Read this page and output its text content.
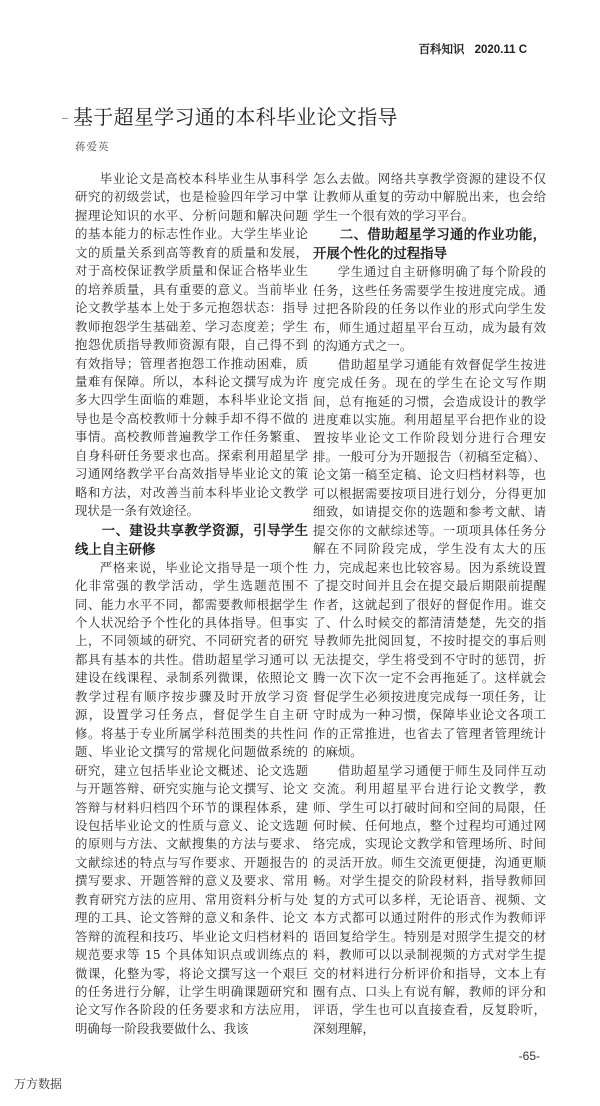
百科知识 2020.11 C
基于超星学习通的本科毕业论文指导
蒋爱英

毕业论文是高校本科毕业生从事科学研究的初级尝试，也是检验四年学习中掌握理论知识的水平、分析问题和解决问题的基本能力的标志性作业。大学生毕业论文的质量关系到高等教育的质量和发展，对于高校保证教学质量和保证合格毕业生的培养质量，具有重要的意义。当前毕业论文教学基本上处于多元抱怨状态：指导教师抱怨学生基础差、学习态度差；学生抱怨优质指导教师资源有限，自己得不到有效指导；管理者抱怨工作推动困难，质量难有保障。所以，本科论文撰写成为许多大四学生面临的难题，本科毕业论文指导也是令高校教师十分棘手却不得不做的事情。高校教师普遍教学工作任务繁重、自身科研任务要求也高。探索利用超星学习通网络教学平台高效指导毕业论文的策略和方法，对改善当前本科毕业论文教学现状是一条有效途径。

一、建设共享教学资源，引导学生线上自主研修

严格来说，毕业论文指导是一项个性化非常强的教学活动，学生选题范围不同、能力水平不同，都需要教师根据学生个人状况给予个性化的具体指导。但事实上，不同领域的研究、不同研究者的研究都具有基本的共性。借助超星学习通可以建设在线课程、录制系列微课，依照论文教学过程有顺序按步骤及时开放学习资源，设置学习任务点，督促学生自主研修。将基于专业所属学科范围类的共性问题、毕业论文撰写的常规化问题做系统的研究，建立包括毕业论文概述、论文选题与开题答辩、研究实施与论文撰写、论文答辩与材料归档四个环节的课程体系，建设包括毕业论文的性质与意义、论文选题的原则与方法、文献搜集的方法与要求、文献综述的特点与写作要求、开题报告的撰写要求、开题答辩的意义及要求、常用教育研究方法的应用、常用资料分析与处理的工具、论文答辩的意义和条件、论文答辩的流程和技巧、毕业论文归档材料的规范要求等 15 个具体知识点或训练点的微课，化整为零，将论文撰写这一个艰巨的任务进行分解，让学生明确课题研究和论文写作各阶段的任务要求和方法应用，明确每一阶段我要做什么、我该

怎么去做。网络共享教学资源的建设不仅让教师从重复的劳动中解脱出来，也会给学生一个很有效的学习平台。

二、借助超星学习通的作业功能，开展个性化的过程指导

学生通过自主研修明确了每个阶段的任务，这些任务需要学生按进度完成。通过把各阶段的任务以作业的形式向学生发布，师生通过超星平台互动，成为最有效的沟通方式之一。

借助超星学习通能有效督促学生按进度完成任务。现在的学生在论文写作期间，总有拖延的习惯，会造成设计的教学进度难以实施。利用超星平台把作业的设置按毕业论文工作阶段划分进行合理安排。一般可分为开题报告（初稿至定稿）、论文第一稿至定稿、论文归档材料等，也可以根据需要按项目进行划分，分得更加细致，如请提交你的选题和参考文献、请提交你的文献综述等。一项项具体任务分解在不同阶段完成，学生没有太大的压力，完成起来也比较容易。因为系统设置了提交时间并且会在提交最后期限前提醒作者，这就起到了很好的督促作用。谁交了、什么时候交的都清清楚楚，先交的指导教师先批阅回复，不按时提交的事后则无法提交，学生将受到不守时的惩罚，折腾一次下次一定不会再拖延了。这样就会督促学生必须按进度完成每一项任务，让守时成为一种习惯，保障毕业论文各项工作的正常推进，也省去了管理者管理统计的麻烦。

借助超星学习通便于师生及同伴互动交流。利用超星平台进行论文教学，教师、学生可以打破时间和空间的局限，任何时候、任何地点，整个过程均可通过网络完成，实现论文教学和管理场所、时间的灵活开放。师生交流更便捷，沟通更顺畅。对学生提交的阶段材料，指导教师回复的方式可以多样，无论语音、视频、文本方式都可以通过附件的形式作为教师评语回复给学生。特别是对照学生提交的材料，教师可以以录制视频的方式对学生提交的材料进行分析评价和指导，文本上有圈有点、口头上有说有解，教师的评分和评语，学生也可以直接查看，反复聆听，深刻理解，

-65-
万方数据
